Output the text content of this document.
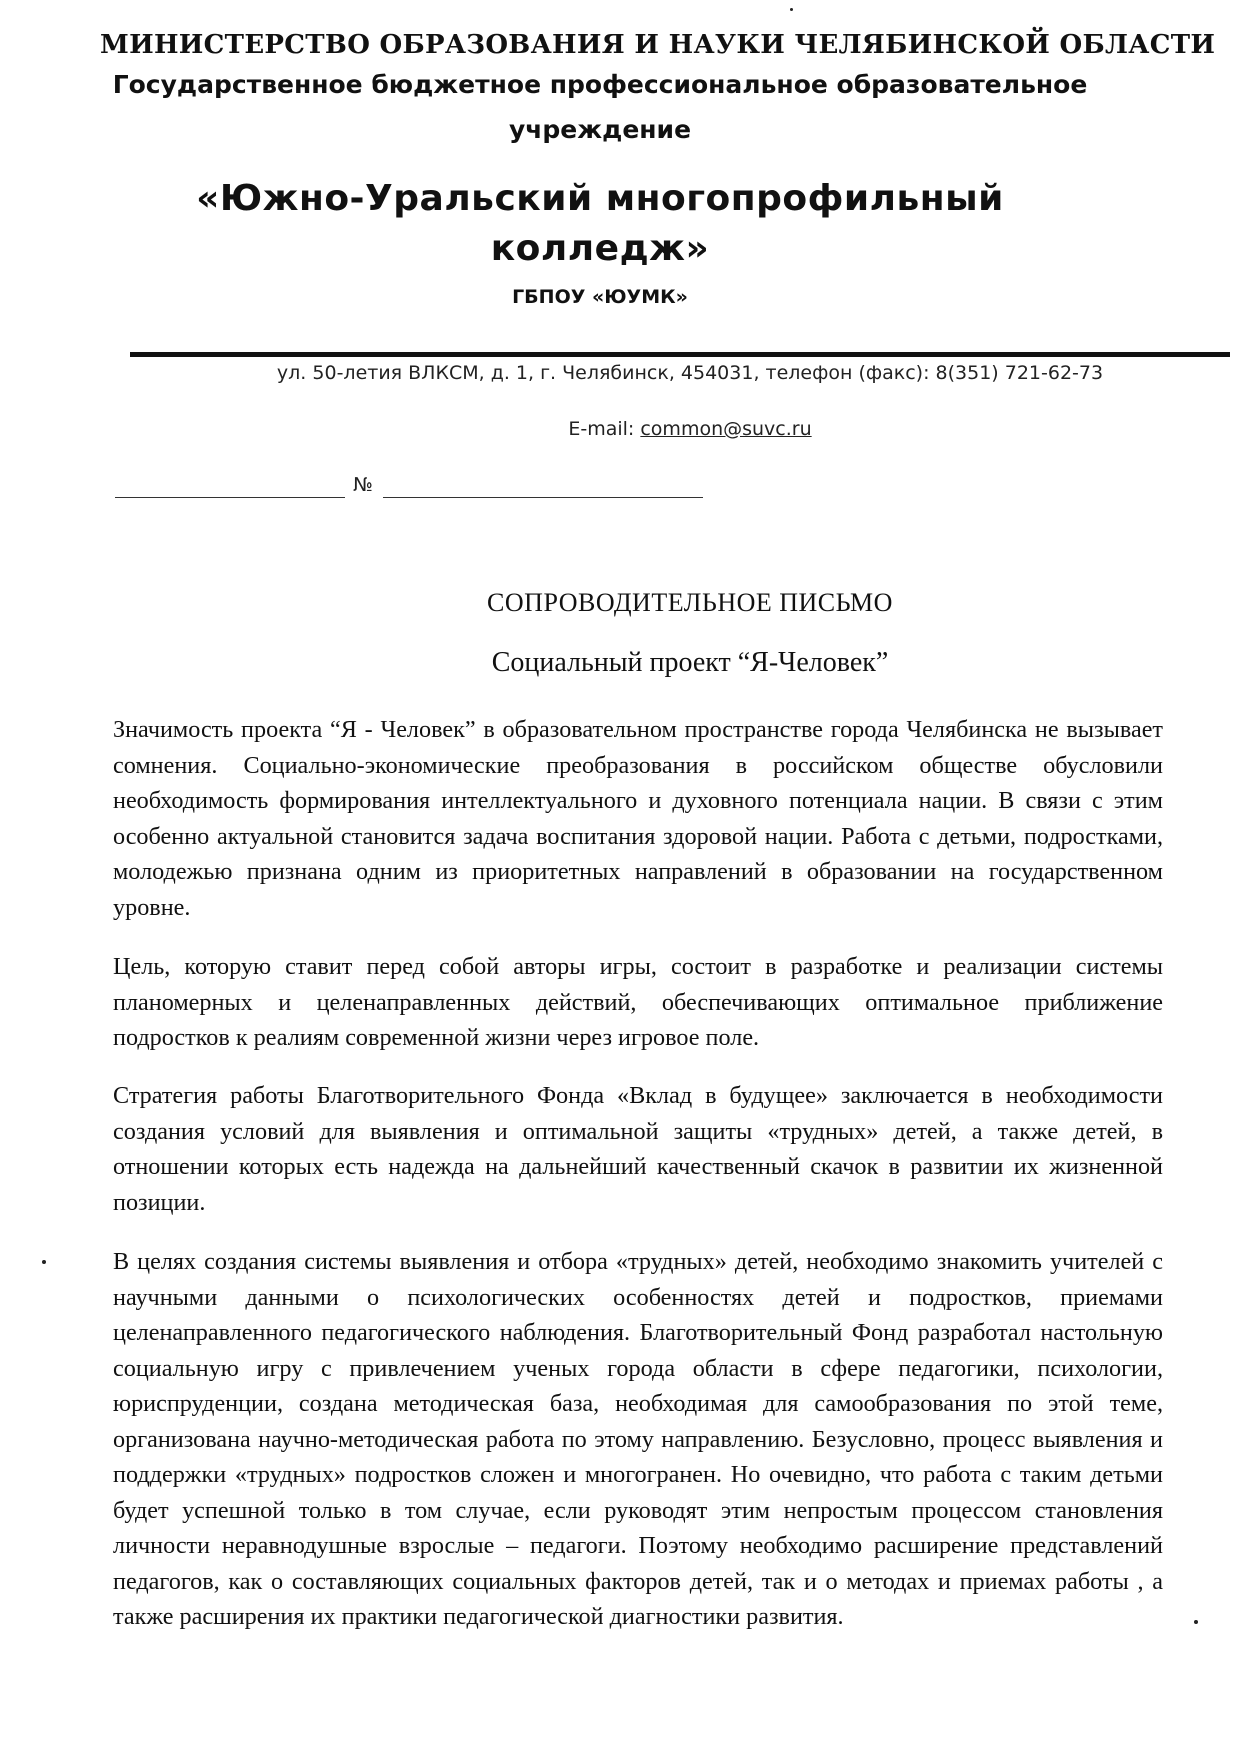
МИНИСТЕРСТВО ОБРАЗОВАНИЯ И НАУКИ ЧЕЛЯБИНСКОЙ ОБЛАСТИ
Государственное бюджетное профессиональное образовательное
учреждение
«Южно-Уральский многопрофильный
колледж»
ГБПОУ «ЮУМК»
ул. 50-летия ВЛКСМ, д. 1, г. Челябинск, 454031, телефон (факс): 8(351) 721-62-73
E-mail: common@suvc.ru
№
СОПРОВОДИТЕЛЬНОЕ ПИСЬМО
Социальный проект “Я-Человек”
Значимость проекта “Я - Человек” в образовательном пространстве города Челябинска не вызывает сомнения. Социально-экономические преобразования в российском обществе обусловили необходимость формирования интеллектуального и духовного потенциала нации. В связи с этим особенно актуальной становится задача воспитания здоровой нации. Работа с детьми, подростками, молодежью признана одним из приоритетных направлений в образовании на государственном уровне.
Цель, которую ставит перед собой авторы игры, состоит в разработке и реализации системы планомерных и целенаправленных действий, обеспечивающих оптимальное приближение подростков к реалиям современной жизни через игровое поле.
Стратегия работы Благотворительного Фонда «Вклад в будущее» заключается в необходимости создания условий для выявления и оптимальной защиты «трудных» детей, а также детей, в отношении которых есть надежда на дальнейший качественный скачок в развитии их жизненной позиции.
В целях создания системы выявления и отбора «трудных» детей, необходимо знакомить учителей с научными данными о психологических особенностях детей и подростков, приемами целенаправленного педагогического наблюдения. Благотворительный Фонд разработал настольную социальную игру с привлечением ученых города области в сфере педагогики, психологии, юриспруденции, создана методическая база, необходимая для самообразования по этой теме, организована научно-методическая работа по этому направлению. Безусловно, процесс выявления и поддержки «трудных» подростков сложен и многогранен. Но очевидно, что работа с таким детьми будет успешной только в том случае, если руководят этим непростым процессом становления личности неравнодушные взрослые – педагоги. Поэтому необходимо расширение представлений педагогов, как о составляющих социальных факторов детей, так и о методах и приемах работы , а также расширения их практики педагогической диагностики развития.
